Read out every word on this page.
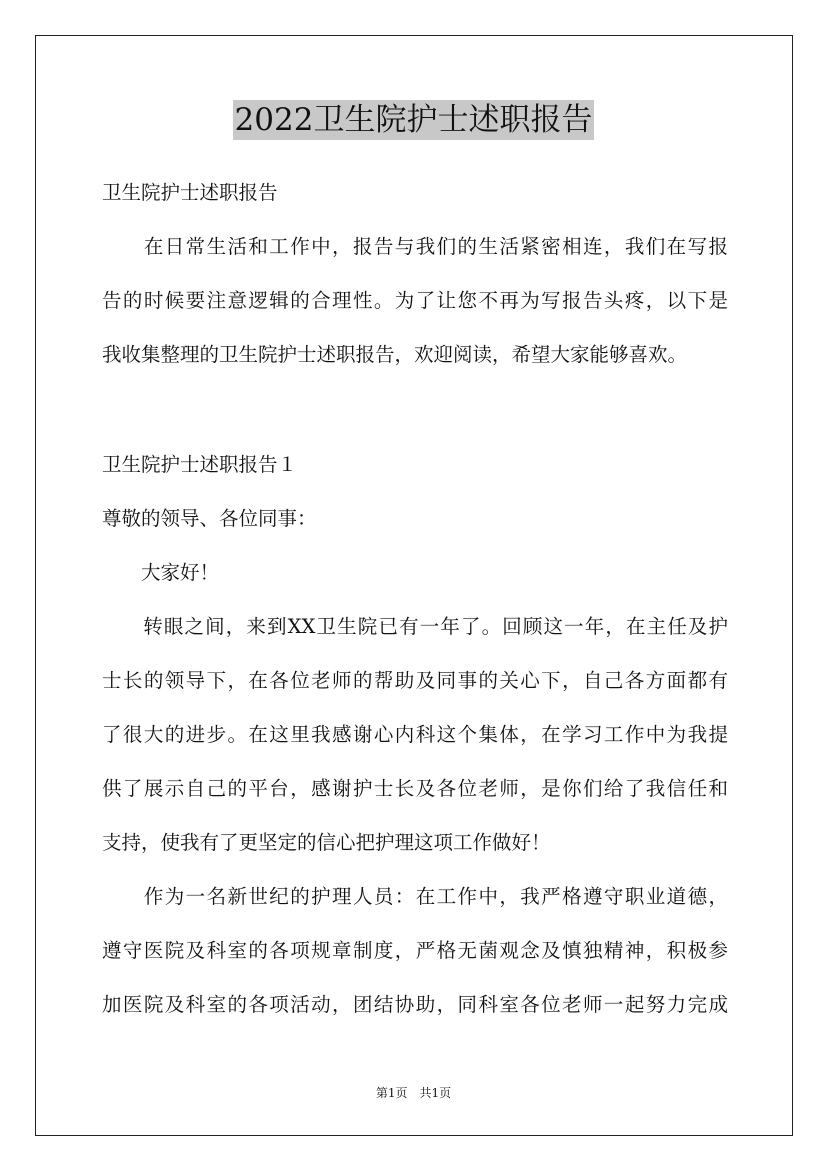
2022卫生院护士述职报告
卫生院护士述职报告
　　在日常生活和工作中，报告与我们的生活紧密相连，我们在写报
告的时候要注意逻辑的合理性。为了让您不再为写报告头疼，以下是
我收集整理的卫生院护士述职报告，欢迎阅读，希望大家能够喜欢。
卫生院护士述职报告１
尊敬的领导、各位同事：
　　大家好！
　　转眼之间，来到XX卫生院已有一年了。回顾这一年，在主任及护
士长的领导下，在各位老师的帮助及同事的关心下，自己各方面都有
了很大的进步。在这里我感谢心内科这个集体，在学习工作中为我提
供了展示自己的平台，感谢护士长及各位老师，是你们给了我信任和
支持，使我有了更坚定的信心把护理这项工作做好！
　　作为一名新世纪的护理人员：在工作中，我严格遵守职业道德，
遵守医院及科室的各项规章制度，严格无菌观念及慎独精神，积极参
加医院及科室的各项活动，团结协助，同科室各位老师一起努力完成
第1页　共1页
